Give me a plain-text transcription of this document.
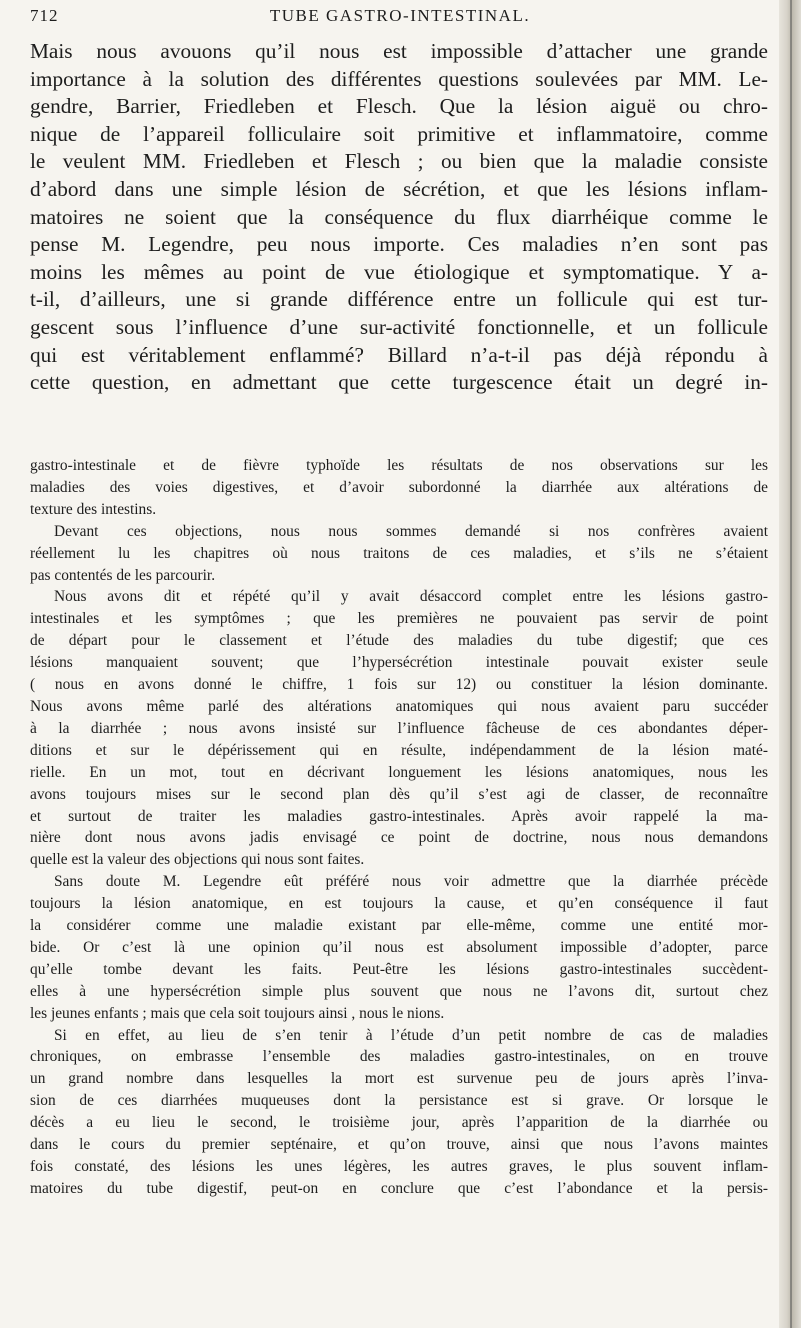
712	TUBE GASTRO-INTESTINAL.
Mais nous avouons qu’il nous est impossible d’attacher une grande
importance à la solution des différentes questions soulevées par MM. Le-
gendre, Barrier, Friedleben et Flesch. Que la lésion aiguë ou chro-
nique de l’appareil folliculaire soit primitive et inflammatoire, comme
le veulent MM. Friedleben et Flesch ; ou bien que la maladie consiste
d’abord dans une simple lésion de sécrétion, et que les lésions inflam-
matoires ne soient que la conséquence du flux diarrhéique comme le
pense M. Legendre, peu nous importe. Ces maladies n’en sont pas
moins les mêmes au point de vue étiologique et symptomatique. Y a-
t-il, d’ailleurs, une si grande différence entre un follicule qui est tur-
gescent sous l’influence d’une sur-activité fonctionnelle, et un follicule
qui est véritablement enflammé? Billard n’a-t-il pas déjà répondu à
cette question, en admettant que cette turgescence était un degré in-
gastro-intestinale et de fièvre typhoïde les résultats de nos observations sur les
maladies des voies digestives, et d’avoir subordonné la diarrhée aux altérations de
texture des intestins.
Devant ces objections, nous nous sommes demandé si nos confrères avaient
réellement lu les chapitres où nous traitons de ces maladies, et s’ils ne s’étaient
pas contentés de les parcourir.
Nous avons dit et répété qu’il y avait désaccord complet entre les lésions gastro-
intestinales et les symptômes ; que les premières ne pouvaient pas servir de point
de départ pour le classement et l’étude des maladies du tube digestif; que ces
lésions manquaient souvent; que l’hypersécrétion intestinale pouvait exister seule
( nous en avons donné le chiffre, 1 fois sur 12) ou constituer la lésion dominante.
Nous avons même parlé des altérations anatomiques qui nous avaient paru succéder
à la diarrhée ; nous avons insisté sur l’influence fâcheuse de ces abondantes déper-
ditions et sur le dépérissement qui en résulte, indépendamment de la lésion maté-
rielle. En un mot, tout en décrivant longuement les lésions anatomiques, nous les
avons toujours mises sur le second plan dès qu’il s’est agi de classer, de reconnaître
et surtout de traiter les maladies gastro-intestinales. Après avoir rappelé la ma-
nière dont nous avons jadis envisagé ce point de doctrine, nous nous demandons
quelle est la valeur des objections qui nous sont faites.
Sans doute M. Legendre eût préféré nous voir admettre que la diarrhée précède
toujours la lésion anatomique, en est toujours la cause, et qu’en conséquence il faut
la considérer comme une maladie existant par elle-même, comme une entité mor-
bide. Or c’est là une opinion qu’il nous est absolument impossible d’adopter, parce
qu’elle tombe devant les faits. Peut-être les lésions gastro-intestinales succèdent-
elles à une hypersécrétion simple plus souvent que nous ne l’avons dit, surtout chez
les jeunes enfants ; mais que cela soit toujours ainsi , nous le nions.
Si en effet, au lieu de s’en tenir à l’étude d’un petit nombre de cas de maladies
chroniques, on embrasse l’ensemble des maladies gastro-intestinales, on en trouve
un grand nombre dans lesquelles la mort est survenue peu de jours après l’inva-
sion de ces diarrhées muqueuses dont la persistance est si grave. Or lorsque le
décès a eu lieu le second, le troisième jour, après l’apparition de la diarrhée ou
dans le cours du premier septénaire, et qu’on trouve, ainsi que nous l’avons maintes
fois constaté, des lésions les unes légères, les autres graves, le plus souvent inflam-
matoires du tube digestif, peut-on en conclure que c’est l’abondance et la persis-
